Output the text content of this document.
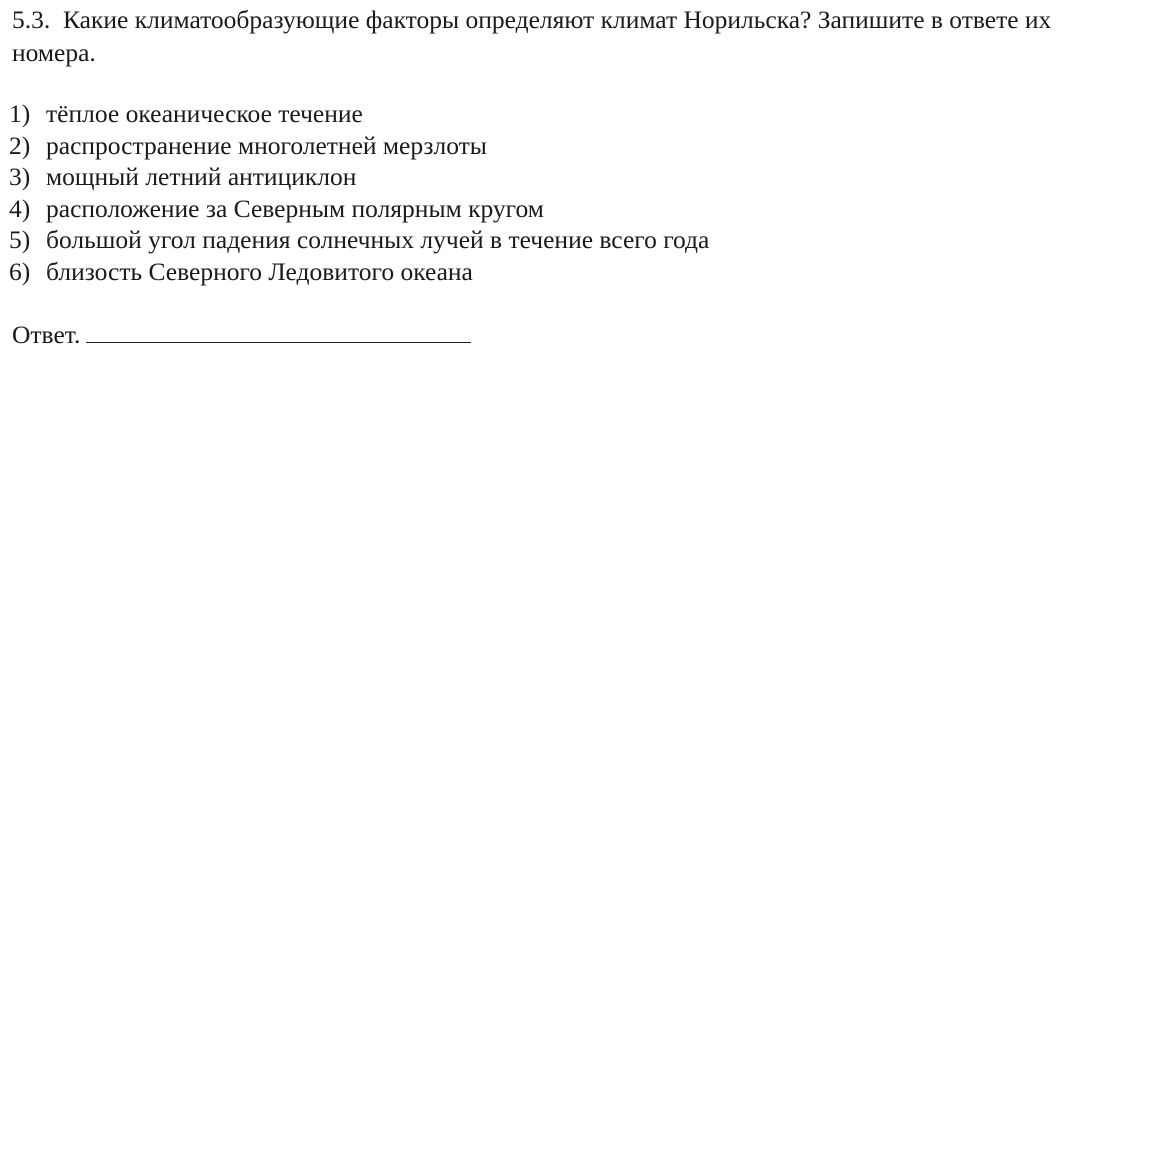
5.3. Какие климатообразующие факторы определяют климат Норильска? Запишите в ответе их номера.
1) тёплое океаническое течение
2) распространение многолетней мерзлоты
3) мощный летний антициклон
4) расположение за Северным полярным кругом
5) большой угол падения солнечных лучей в течение всего года
6) близость Северного Ледовитого океана
Ответ.
